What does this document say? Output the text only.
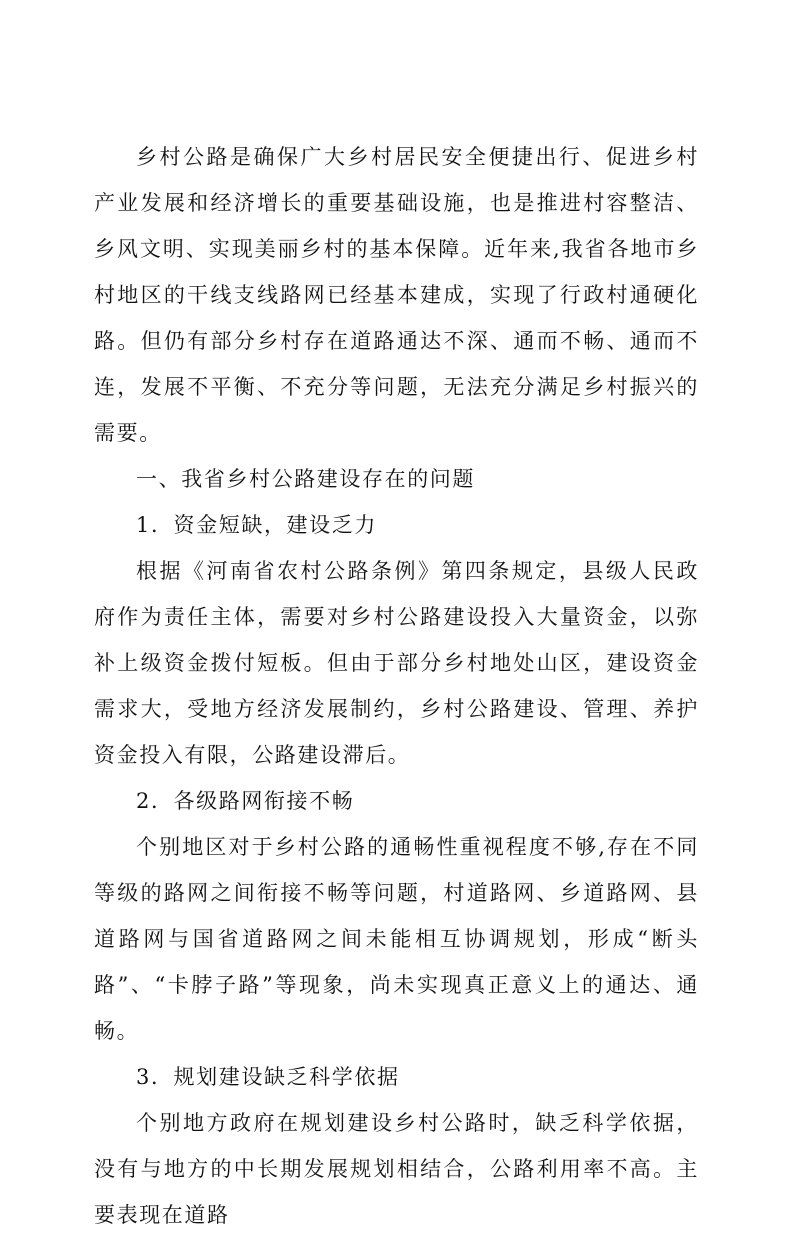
乡村公路是确保广大乡村居民安全便捷出行、促进乡村产业发展和经济增长的重要基础设施，也是推进村容整洁、乡风文明、实现美丽乡村的基本保障。近年来,我省各地市乡村地区的干线支线路网已经基本建成，实现了行政村通硬化路。但仍有部分乡村存在道路通达不深、通而不畅、通而不连，发展不平衡、不充分等问题，无法充分满足乡村振兴的需要。

一、我省乡村公路建设存在的问题

1．资金短缺，建设乏力

根据《河南省农村公路条例》第四条规定，县级人民政府作为责任主体，需要对乡村公路建设投入大量资金，以弥补上级资金拨付短板。但由于部分乡村地处山区，建设资金需求大，受地方经济发展制约，乡村公路建设、管理、养护资金投入有限，公路建设滞后。

2．各级路网衔接不畅

个别地区对于乡村公路的通畅性重视程度不够,存在不同等级的路网之间衔接不畅等问题，村道路网、乡道路网、县道路网与国省道路网之间未能相互协调规划，形成“断头路”、“卡脖子路”等现象，尚未实现真正意义上的通达、通畅。

3．规划建设缺乏科学依据

个别地方政府在规划建设乡村公路时，缺乏科学依据，没有与地方的中长期发展规划相结合，公路利用率不高。主要表现在道路
